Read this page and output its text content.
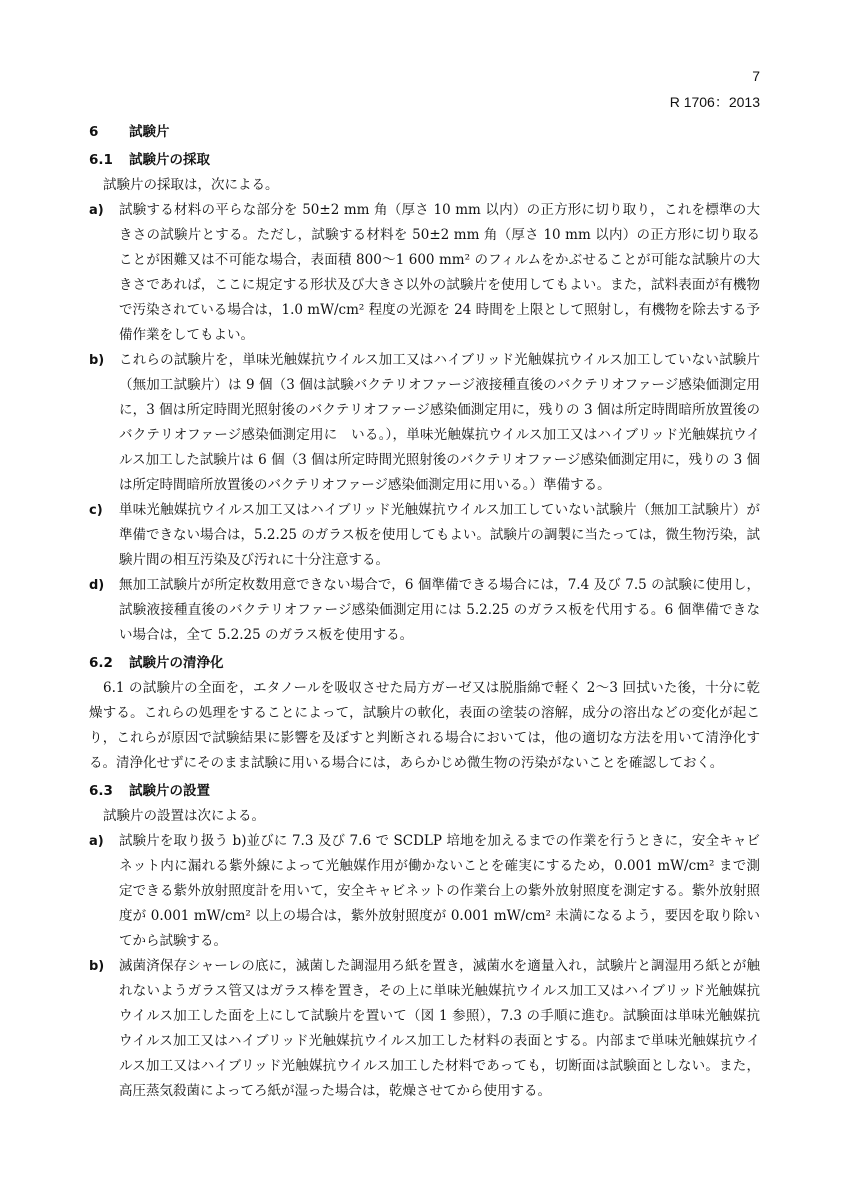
7
R 1706：2013
6 試験片
6.1 試験片の採取

試験片の採取は，次による。

a) 試験する材料の平らな部分を 50±2 mm 角（厚さ 10 mm 以内）の正方形に切り取り，これを標準の大きさの試験片とする。ただし，試験する材料を 50±2 mm 角（厚さ 10 mm 以内）の正方形に切り取ることが困難又は不可能な場合，表面積 800～1 600 mm² のフィルムをかぶせることが可能な試験片の大きさであれば，ここに規定する形状及び大きさ以外の試験片を使用してもよい。また，試料表面が有機物で汚染されている場合は，1.0 mW/cm² 程度の光源を 24 時間を上限として照射し，有機物を除去する予備作業をしてもよい。
b) これらの試験片を，単味光触媒抗ウイルス加工又はハイブリッド光触媒抗ウイルス加工していない試験片（無加工試験片）は 9 個（3 個は試験バクテリオファージ液接種直後のバクテリオファージ感染価測定用に，3 個は所定時間光照射後のバクテリオファージ感染価測定用に，残りの 3 個は所定時間暗所放置後のバクテリオファージ感染価測定用に　いる。），単味光触媒抗ウイルス加工又はハイブリッド光触媒抗ウイルス加工した試験片は 6 個（3 個は所定時間光照射後のバクテリオファージ感染価測定用に，残りの 3 個は所定時間暗所放置後のバクテリオファージ感染価測定用に用いる。）準備する。
c) 単味光触媒抗ウイルス加工又はハイブリッド光触媒抗ウイルス加工していない試験片（無加工試験片）が準備できない場合は，5.2.25 のガラス板を使用してもよい。試験片の調製に当たっては，微生物汚染，試験片間の相互汚染及び汚れに十分注意する。
d) 無加工試験片が所定枚数用意できない場合で，6 個準備できる場合には，7.4 及び 7.5 の試験に使用し，試験液接種直後のバクテリオファージ感染価測定用には 5.2.25 のガラス板を代用する。6 個準備できない場合は，全て 5.2.25 のガラス板を使用する。
6.2 試験片の清浄化

6.1 の試験片の全面を，エタノールを吸収させた局方ガーゼ又は脱脂綿で軽く 2～3 回拭いた後，十分に乾燥する。これらの処理をすることによって，試験片の軟化，表面の塗装の溶解，成分の溶出などの変化が起こり，これらが原因で試験結果に影響を及ぼすと判断される場合においては，他の適切な方法を用いて清浄化する。清浄化せずにそのまま試験に用いる場合には，あらかじめ微生物の汚染がないことを確認しておく。

6.3 試験片の設置

試験片の設置は次による。

a) 試験片を取り扱う b)並びに 7.3 及び 7.6 で SCDLP 培地を加えるまでの作業を行うときに，安全キャビネット内に漏れる紫外線によって光触媒作用が働かないことを確実にするため，0.001 mW/cm² まで測定できる紫外放射照度計を用いて，安全キャビネットの作業台上の紫外放射照度を測定する。紫外放射照度が 0.001 mW/cm² 以上の場合は，紫外放射照度が 0.001 mW/cm² 未満になるよう，要因を取り除いてから試験する。
b) 滅菌済保存シャーレの底に，滅菌した調湿用ろ紙を置き，滅菌水を適量入れ，試験片と調湿用ろ紙とが触れないようガラス管又はガラス棒を置き，その上に単味光触媒抗ウイルス加工又はハイブリッド光触媒抗ウイルス加工した面を上にして試験片を置いて（図 1 参照），7.3 の手順に進む。試験面は単味光触媒抗ウイルス加工又はハイブリッド光触媒抗ウイルス加工した材料の表面とする。内部まで単味光触媒抗ウイルス加工又はハイブリッド光触媒抗ウイルス加工した材料であっても，切断面は試験面としない。また，高圧蒸気殺菌によってろ紙が湿った場合は，乾燥させてから使用する。
